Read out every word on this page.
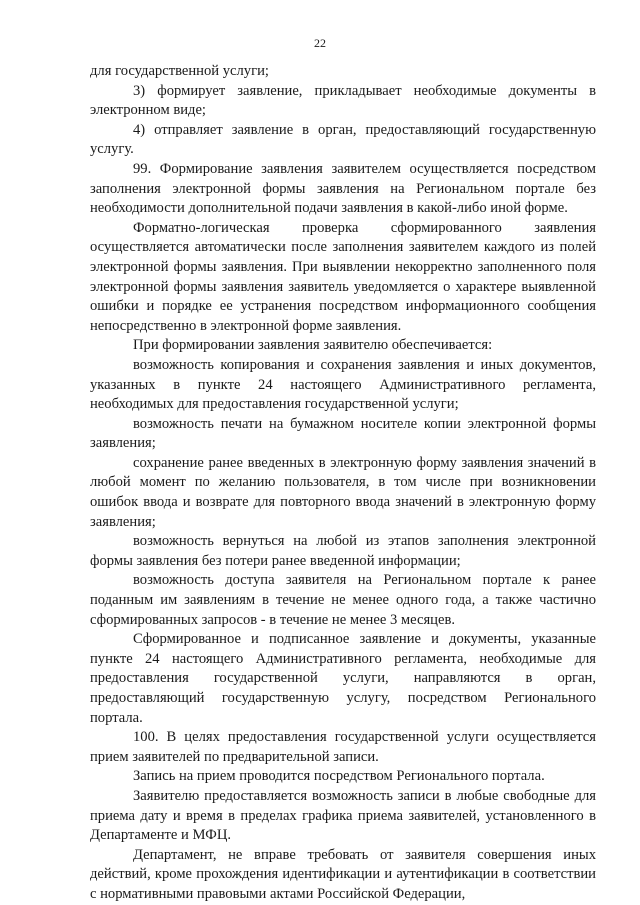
22

для государственной услуги;

3) формирует заявление, прикладывает необходимые документы в электронном виде;

4) отправляет заявление в орган, предоставляющий государственную услугу.

99. Формирование заявления заявителем осуществляется посредством заполнения электронной формы заявления на Региональном портале без необходимости дополнительной подачи заявления в какой-либо иной форме.

Форматно-логическая проверка сформированного заявления осуществляется автоматически после заполнения заявителем каждого из полей электронной формы заявления. При выявлении некорректно заполненного поля электронной формы заявления заявитель уведомляется о характере выявленной ошибки и порядке ее устранения посредством информационного сообщения непосредственно в электронной форме заявления.

При формировании заявления заявителю обеспечивается:

возможность копирования и сохранения заявления и иных документов, указанных в пункте 24 настоящего Административного регламента, необходимых для предоставления государственной услуги;

возможность печати на бумажном носителе копии электронной формы заявления;

сохранение ранее введенных в электронную форму заявления значений в любой момент по желанию пользователя, в том числе при возникновении ошибок ввода и возврате для повторного ввода значений в электронную форму заявления;

возможность вернуться на любой из этапов заполнения электронной формы заявления без потери ранее введенной информации;

возможность доступа заявителя на Региональном портале к ранее поданным им заявлениям в течение не менее одного года, а также частично сформированных запросов - в течение не менее 3 месяцев.

Сформированное и подписанное заявление и документы, указанные пункте 24 настоящего Административного регламента, необходимые для предоставления государственной услуги, направляются в орган, предоставляющий государственную услугу, посредством Регионального портала.

100. В целях предоставления государственной услуги осуществляется прием заявителей по предварительной записи.

Запись на прием проводится посредством Регионального портала.

Заявителю предоставляется возможность записи в любые свободные для приема дату и время в пределах графика приема заявителей, установленного в Департаменте и МФЦ.

Департамент, не вправе требовать от заявителя совершения иных действий, кроме прохождения идентификации и аутентификации в соответствии с нормативными правовыми актами Российской Федерации,
